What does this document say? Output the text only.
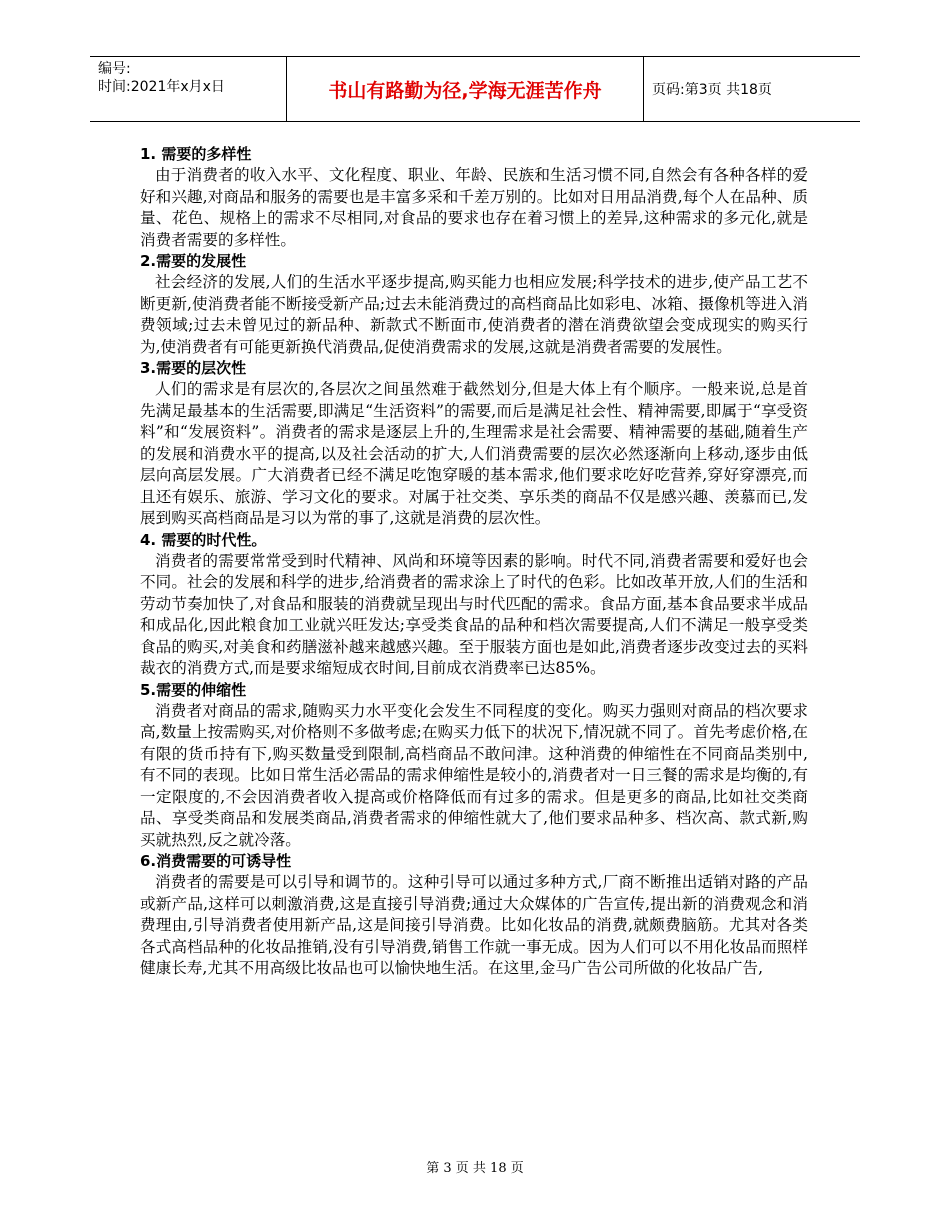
编号:
时间:2021年x月x日	书山有路勤为径,学海无涯苦作舟	页码:第3页 共18页
1. 需要的多样性

由于消费者的收入水平、文化程度、职业、年龄、民族和生活习惯不同,自然会有各种各样的爱好和兴趣,对商品和服务的需要也是丰富多采和千差万别的。比如对日用品消费,每个人在品种、质量、花色、规格上的需求不尽相同,对食品的要求也存在着习惯上的差异,这种需求的多元化,就是消费者需要的多样性。

2.需要的发展性

社会经济的发展,人们的生活水平逐步提高,购买能力也相应发展;科学技术的进步,使产品工艺不断更新,使消费者能不断接受新产品;过去未能消费过的高档商品比如彩电、冰箱、摄像机等进入消费领域;过去未曾见过的新品种、新款式不断面市,使消费者的潜在消费欲望会变成现实的购买行为,使消费者有可能更新换代消费品,促使消费需求的发展,这就是消费者需要的发展性。

3.需要的层次性

人们的需求是有层次的,各层次之间虽然难于截然划分,但是大体上有个顺序。一般来说,总是首先满足最基本的生活需要,即满足“生活资料”的需要,而后是满足社会性、精神需要,即属于“享受资料”和“发展资料”。消费者的需求是逐层上升的,生理需求是社会需要、精神需要的基础,随着生产的发展和消费水平的提高,以及社会活动的扩大,人们消费需要的层次必然逐渐向上移动,逐步由低层向高层发展。广大消费者已经不满足吃饱穿暖的基本需求,他们要求吃好吃营养,穿好穿漂亮,而且还有娱乐、旅游、学习文化的要求。对属于社交类、享乐类的商品不仅是感兴趣、羡慕而已,发展到购买高档商品是习以为常的事了,这就是消费的层次性。

4. 需要的时代性。

消费者的需要常常受到时代精神、风尚和环境等因素的影响。时代不同,消费者需要和爱好也会不同。社会的发展和科学的进步,给消费者的需求涂上了时代的色彩。比如改革开放,人们的生活和劳动节奏加快了,对食品和服装的消费就呈现出与时代匹配的需求。食品方面,基本食品要求半成品和成品化,因此粮食加工业就兴旺发达;享受类食品的品种和档次需要提高,人们不满足一般享受类食品的购买,对美食和药膳滋补越来越感兴趣。至于服装方面也是如此,消费者逐步改变过去的买料裁衣的消费方式,而是要求缩短成衣时间,目前成衣消费率已达85%。

5.需要的伸缩性

消费者对商品的需求,随购买力水平变化会发生不同程度的变化。购买力强则对商品的档次要求高,数量上按需购买,对价格则不多做考虑;在购买力低下的状况下,情况就不同了。首先考虑价格,在有限的货币持有下,购买数量受到限制,高档商品不敢问津。这种消费的伸缩性在不同商品类别中,有不同的表现。比如日常生活必需品的需求伸缩性是较小的,消费者对一日三餐的需求是均衡的,有一定限度的,不会因消费者收入提高或价格降低而有过多的需求。但是更多的商品,比如社交类商品、享受类商品和发展类商品,消费者需求的伸缩性就大了,他们要求品种多、档次高、款式新,购买就热烈,反之就冷落。

6.消费需要的可诱导性

消费者的需要是可以引导和调节的。这种引导可以通过多种方式,厂商不断推出适销对路的产品或新产品,这样可以刺激消费,这是直接引导消费;通过大众媒体的广告宣传,提出新的消费观念和消费理由,引导消费者使用新产品,这是间接引导消费。比如化妆品的消费,就颇费脑筋。尤其对各类各式高档品种的化妆品推销,没有引导消费,销售工作就一事无成。因为人们可以不用化妆品而照样健康长寿,尤其不用高级比妆品也可以愉快地生活。在这里,金马广告公司所做的化妆品广告,

第 3 页 共 18 页
